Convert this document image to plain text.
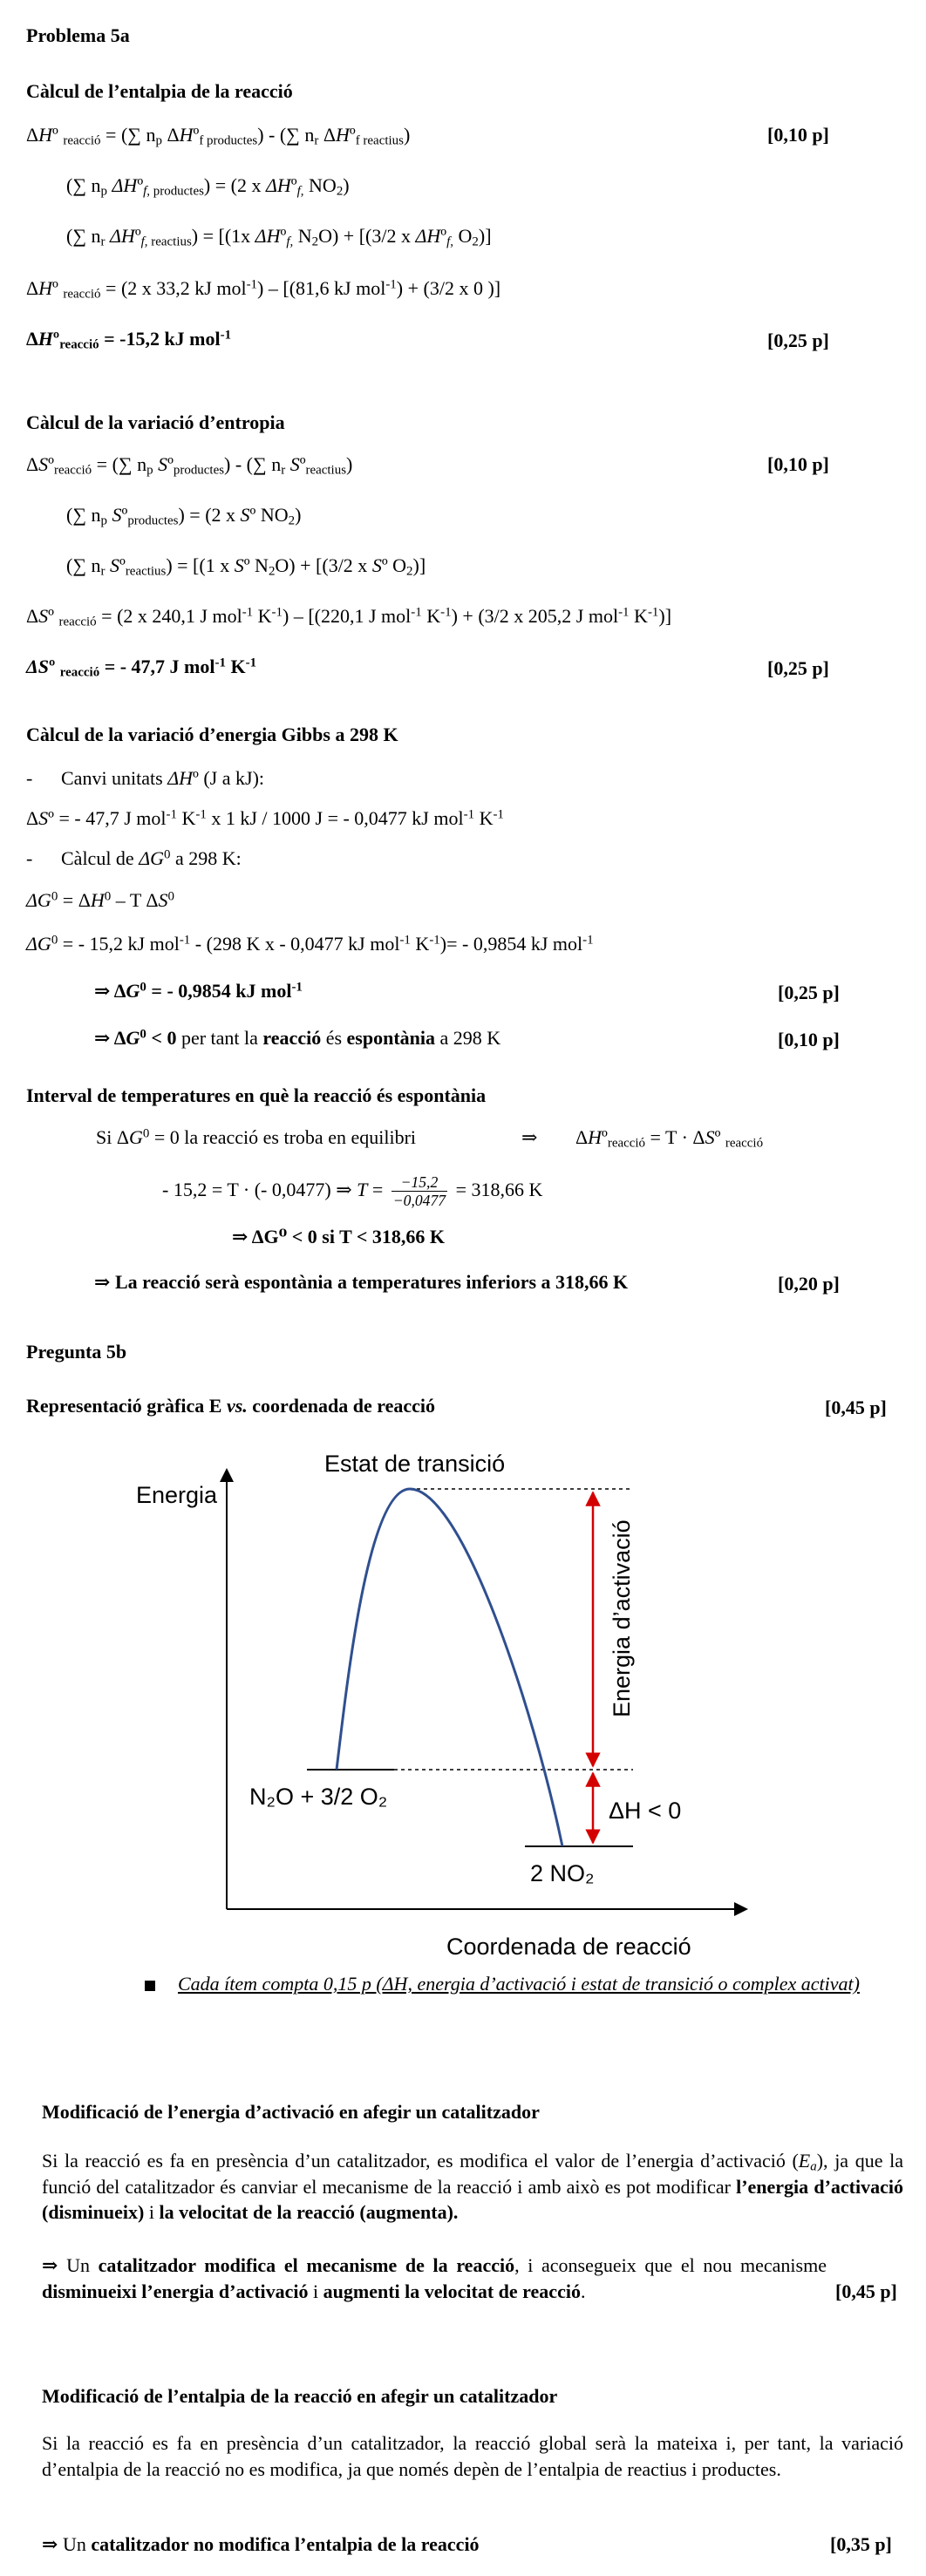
Problema 5a
Càlcul de l’entalpia de la reacció
ΔHº $_{reacció}$ = (∑ $n_p$ ΔHº$_{f productes}$) - (∑ $n_r$ ΔHº$_{f reactius}$)	[0,10 p]
(∑ $n_p$ ΔHº$_{f, productes}$) = (2 x ΔHº$_{f,}$ $NO_2$)
(∑ $n_r$ ΔHº$_{f, reactius}$) = [(1x ΔHº$_{f,}$ $N_2O) + [(3/2$ x ΔHº$_{f,}$ $O_2$)]
ΔHº $_{reacció}$ = (2 x 33,2 kJ mol$^{-1}$) – [(81,6 kJ mol$^{-1}$) + (3/2 x 0 )]
ΔHº$_{reacció}$ = -15,2 kJ mol$^{-1}$	[0,25 p]
Càlcul de la variació d’entropia
ΔSº$_{reacció}$ = (∑ $n_p$ Sº$_{productes}$) - (∑ $n_r$ Sº$_{reactius}$)	[0,10 p]
(∑ $n_p$ Sº$_{productes}$) = (2 x Sº $NO_2$)
(∑ $n_r$ Sº$_{reactius}$) = [(1 x Sº $N_2O) + [(3/2$ x Sº $O_2$)]
ΔSº $_{reacció}$ = (2 x 240,1 J mol$^{-1}$ $K^{-1}) - [(220,1$ J mol$^{-1}$ $K^{-1}) + (3/2$ x 205,2 J mol$^{-1}$ $K^{-1}$)]
ΔSº $_{reacció}$ = - 47,7 J mol$^{-1}$ $K^{-1}$	[0,25 p]
Càlcul de la variació d’energia Gibbs a 298 K
- Canvi unitats ΔHº (J a kJ):
ΔSº = - 47,7 J mol$^{-1}$ $K^{-1}$ x 1 kJ / 1000 J = - 0,0477 kJ mol$^{-1}$ $K^{-1}$
- Càlcul de $\Delta G^0$ a 298 K:
$\Delta G^0 = \Delta H^0 - T$ $\Delta S^0$
$\Delta G^0$ = - 15,2 kJ mol$^{-1}$ - (298 K x - 0,0477 kJ mol$^{-1}$ $K^{-1})= - 0,9854$ kJ mol$^{-1}$
⇒ $\Delta G^0$ = - 0,9854 kJ mol$^{-1}$	[0,25 p]
⇒ $\Delta G^0 < 0$ per tant la reacció és espontània a 298 K	[0,10 p]
Interval de temperatures en què la reacció és espontània
Si $\Delta G^0 = 0$ la reacció es troba en equilibri	⇒ ΔHº$_{reacció}$ = T · ΔSº $_{reacció}$
- 15,2 = T · (- 0,0477) ⇒ $T = \frac{-15,2}{-0,0477} = 318,66$ K
⇒ ΔG⁰ < 0 si T < 318,66 K
⇒ La reacció serà espontània a temperatures inferiors a 318,66 K	[0,20 p]
Pregunta 5b
Representació gràfica E vs. coordenada de reacció	[0,45 p]
Energia
Coordenada de reacció
Estat de transició
Energia d’activació
ΔH < 0
N₂O + 3/2 O₂
2 NO₂
Cada ítem compta 0,15 p (ΔH, energia d’activació i estat de transició o complex activat)
Modificació de l’energia d’activació en afegir un catalitzador
Si la reacció es fa en presència d’un catalitzador, es modifica el valor de l’energia d’activació $(E_a)$, ja que la funció del catalitzador és canviar el mecanisme de la reacció i amb això es pot modificar l’energia d’activació (disminueix) i la velocitat de la reacció (augmenta).
⇒ Un catalitzador modifica el mecanisme de la reacció, i aconsegueix que el nou mecanisme disminueixi l’energia d’activació i augmenti la velocitat de reacció.	[0,45 p]
Modificació de l’entalpia de la reacció en afegir un catalitzador
Si la reacció es fa en presència d’un catalitzador, la reacció global serà la mateixa i, per tant, la variació d’entalpia de la reacció no es modifica, ja que només depèn de l’entalpia de reactius i productes.
⇒ Un catalitzador no modifica l’entalpia de la reacció	[0,35 p]
